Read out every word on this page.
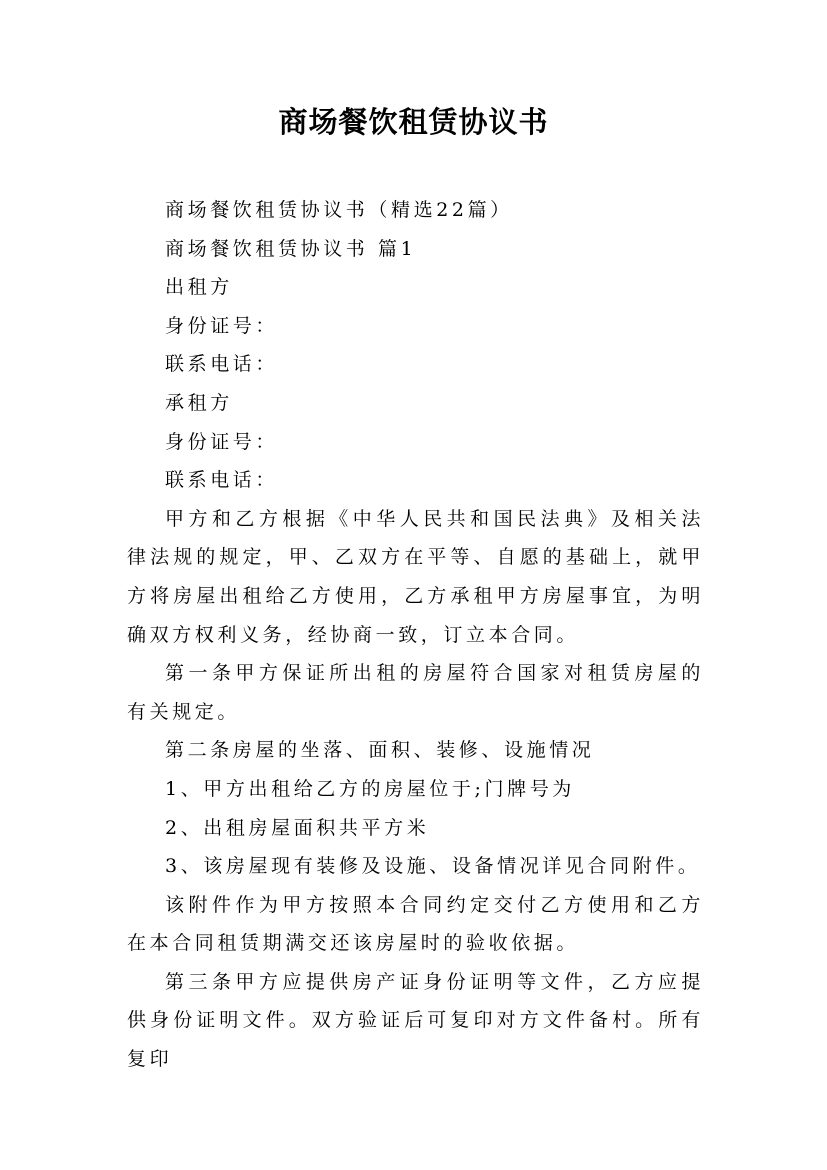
商场餐饮租赁协议书

商场餐饮租赁协议书（精选22篇）

商场餐饮租赁协议书 篇1

出租方

身份证号：

联系电话：

承租方

身份证号：

联系电话：

甲方和乙方根据《中华人民共和国民法典》及相关法律法规的规定，甲、乙双方在平等、自愿的基础上，就甲方将房屋出租给乙方使用，乙方承租甲方房屋事宜，为明确双方权利义务，经协商一致，订立本合同。

第一条甲方保证所出租的房屋符合国家对租赁房屋的有关规定。

第二条房屋的坐落、面积、装修、设施情况

1、甲方出租给乙方的房屋位于;门牌号为

2、出租房屋面积共平方米

3、该房屋现有装修及设施、设备情况详见合同附件。

该附件作为甲方按照本合同约定交付乙方使用和乙方在本合同租赁期满交还该房屋时的验收依据。

第三条甲方应提供房产证身份证明等文件，乙方应提供身份证明文件。双方验证后可复印对方文件备村。所有复印
